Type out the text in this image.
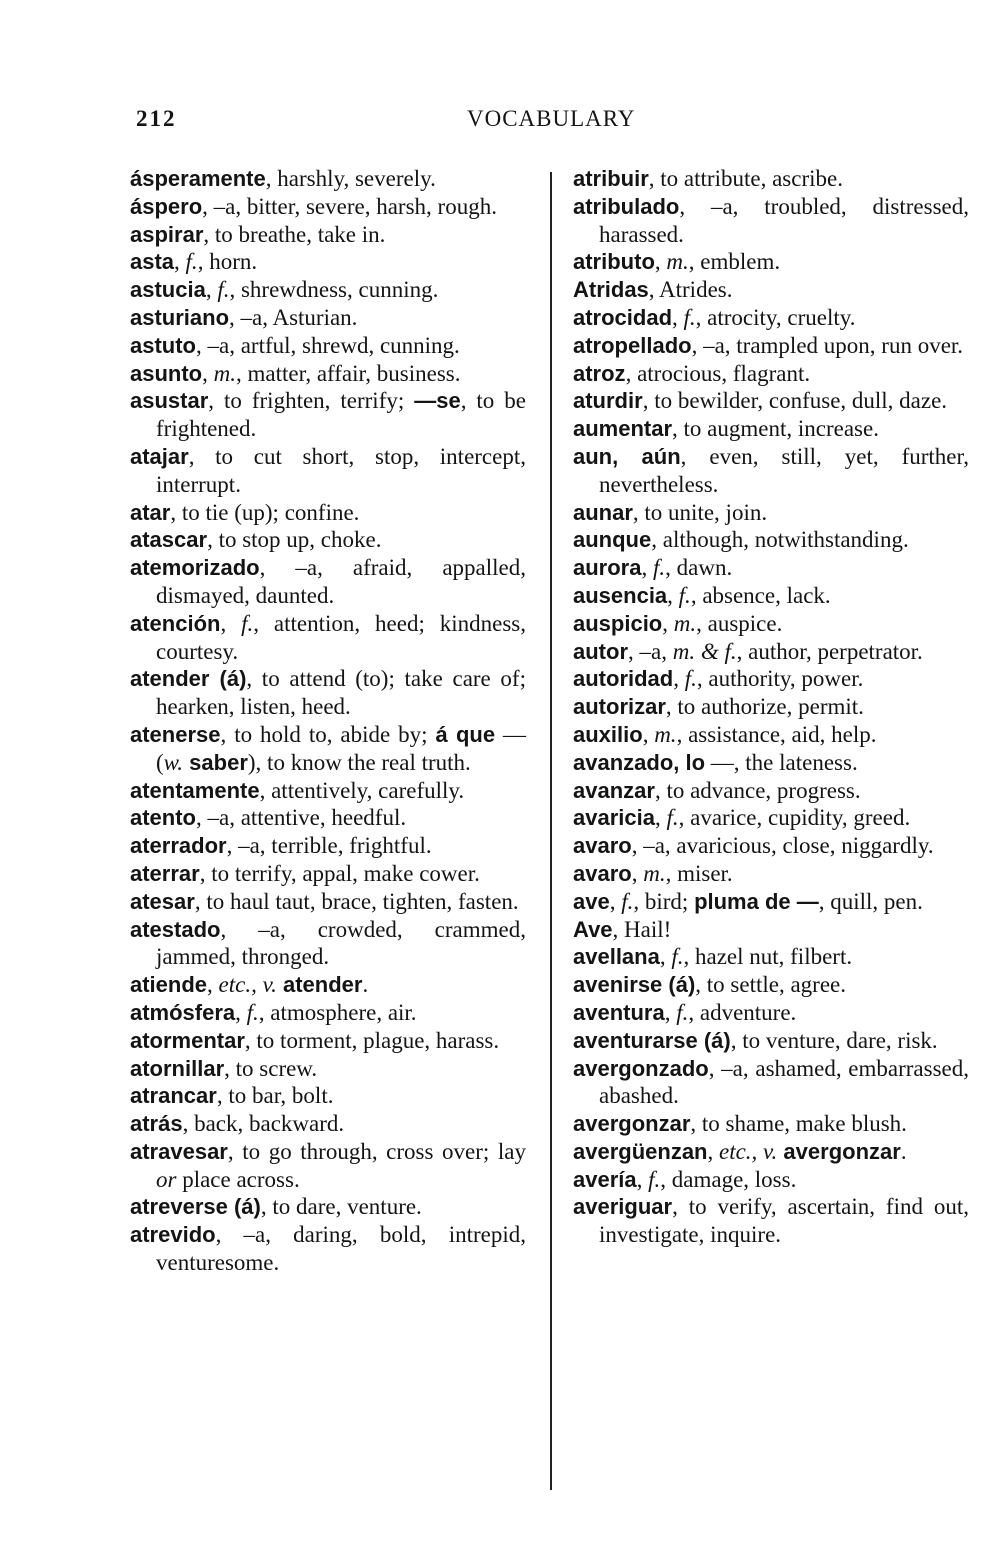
212	VOCABULARY

ásperamente, harshly, severely.

áspero, –a, bitter, severe, harsh, rough.

aspirar, to breathe, take in.

asta, f., horn.

astucia, f., shrewdness, cunning.

asturiano, –a, Asturian.

astuto, –a, artful, shrewd, cunning.

asunto, m., matter, affair, business.

asustar, to frighten, terrify; —se, to be frightened.

atajar, to cut short, stop, intercept, interrupt.

atar, to tie (up); confine.

atascar, to stop up, choke.

atemorizado, –a, afraid, appalled, dismayed, daunted.

atención, f., attention, heed; kindness, courtesy.

atender (á), to attend (to); take care of; hearken, listen, heed.

atenerse, to hold to, abide by; á que — (w. saber), to know the real truth.

atentamente, attentively, carefully.

atento, –a, attentive, heedful.

aterrador, –a, terrible, frightful.

aterrar, to terrify, appal, make cower.

atesar, to haul taut, brace, tighten, fasten.

atestado, –a, crowded, crammed, jammed, thronged.

atiende, etc., v. atender.

atmósfera, f., atmosphere, air.

atormentar, to torment, plague, harass.

atornillar, to screw.

atrancar, to bar, bolt.

atrás, back, backward.

atravesar, to go through, cross over; lay or place across.

atreverse (á), to dare, venture.

atrevido, –a, daring, bold, intrepid, venturesome.

atribuir, to attribute, ascribe.

atribulado, –a, troubled, distressed, harassed.

atributo, m., emblem.

Atridas, Atrides.

atrocidad, f., atrocity, cruelty.

atropellado, –a, trampled upon, run over.

atroz, atrocious, flagrant.

aturdir, to bewilder, confuse, dull, daze.

aumentar, to augment, increase.

aun, aún, even, still, yet, further, nevertheless.

aunar, to unite, join.

aunque, although, notwithstanding.

aurora, f., dawn.

ausencia, f., absence, lack.

auspicio, m., auspice.

autor, –a, m. & f., author, perpetrator.

autoridad, f., authority, power.

autorizar, to authorize, permit.

auxilio, m., assistance, aid, help.

avanzado, lo —, the lateness.

avanzar, to advance, progress.

avaricia, f., avarice, cupidity, greed.

avaro, –a, avaricious, close, niggardly.

avaro, m., miser.

ave, f., bird; pluma de —, quill, pen.

Ave, Hail!

avellana, f., hazel nut, filbert.

avenirse (á), to settle, agree.

aventura, f., adventure.

aventurarse (á), to venture, dare, risk.

avergonzado, –a, ashamed, embarrassed, abashed.

avergonzar, to shame, make blush.

avergüenzan, etc., v. avergonzar.

avería, f., damage, loss.

averiguar, to verify, ascertain, find out, investigate, inquire.
